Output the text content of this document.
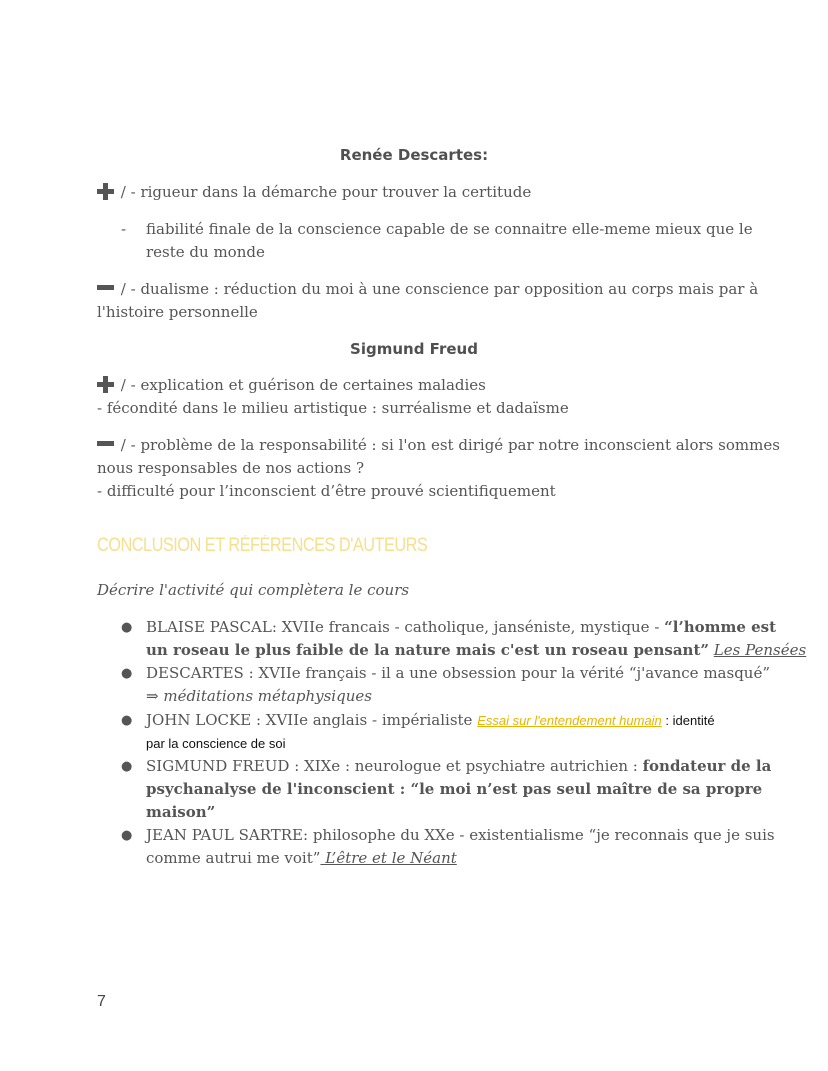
Renée Descartes:
/ - rigueur dans la démarche pour trouver la certitude
- fiabilité finale de la conscience capable de se connaitre elle-meme mieux que le
reste du monde
/ - dualisme : réduction du moi à une conscience par opposition au corps mais par à
l'histoire personnelle
Sigmund Freud
/ - explication et guérison de certaines maladies
- fécondité dans le milieu artistique : surréalisme et dadaïsme
/ - problème de la responsabilité : si l'on est dirigé par notre inconscient alors sommes
nous responsables de nos actions ?
- difficulté pour l’inconscient d’être prouvé scientifiquement
CONCLUSION ET RÉFÉRENCES D'AUTEURS
Décrire l'activité qui complètera le cours
● BLAISE PASCAL: XVIIe francais - catholique, janséniste, mystique - “l’homme est
un roseau le plus faible de la nature mais c'est un roseau pensant” Les Pensées
● DESCARTES : XVIIe français - il a une obsession pour la vérité “j'avance masqué”
⇒ méditations métaphysiques
● JOHN LOCKE : XVIIe anglais - impérialiste Essai sur l'entendement humain : identité
par la conscience de soi
● SIGMUND FREUD : XIXe : neurologue et psychiatre autrichien : fondateur de la
psychanalyse de l'inconscient : “le moi n’est pas seul maître de sa propre
maison”
● JEAN PAUL SARTRE: philosophe du XXe - existentialisme “je reconnais que je suis
comme autrui me voit” L’être et le Néant
7
